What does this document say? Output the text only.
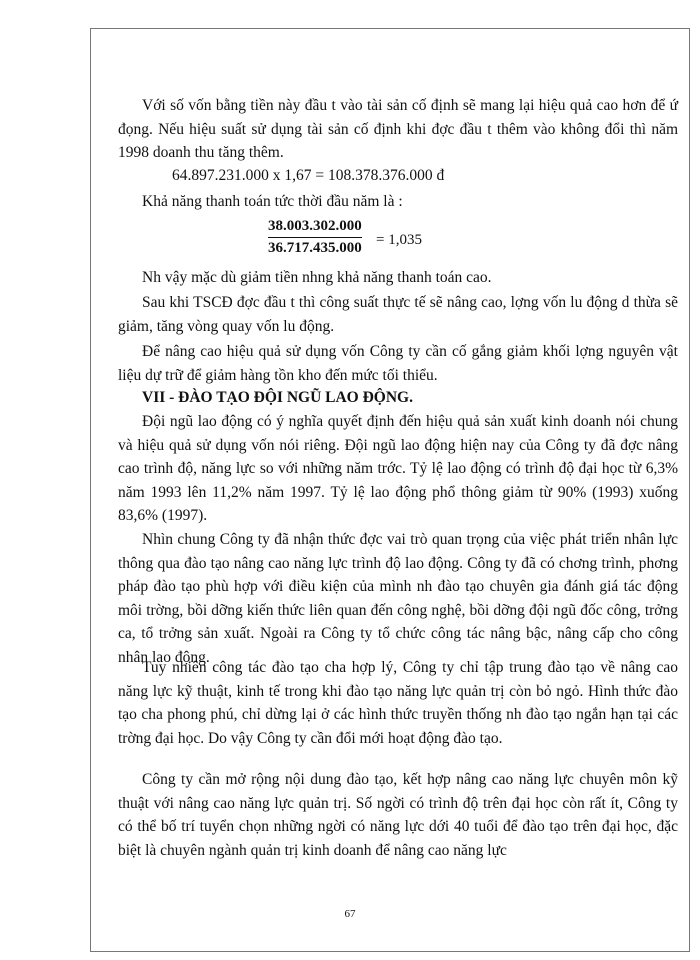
Với số vốn bằng tiền này đầu t vào tài sản cố định sẽ mang lại hiệu quả cao hơn để ứ đọng. Nếu hiệu suất sử dụng tài sản cố định khi đợc đầu t thêm vào không đổi thì năm 1998 doanh thu tăng thêm.

64.897.231.000 x 1,67 = 108.378.376.000 đ
Khả năng thanh toán tức thời đầu năm là :
$\frac{38.003.302.000}{36.717.435.000} = 1,035$
Nh vậy mặc dù giảm tiền nhng khả năng thanh toán cao.

Sau khi TSCĐ đợc đầu t thì công suất thực tế sẽ nâng cao, lợng vốn lu động d thừa sẽ giảm, tăng vòng quay vốn lu động.

Để nâng cao hiệu quả sử dụng vốn Công ty cần cố gắng giảm khối lợng nguyên vật liệu dự trữ để giảm hàng tồn kho đến mức tối thiểu.

VII - ĐÀO TẠO ĐỘI NGŨ LAO ĐỘNG.

Đội ngũ lao động có ý nghĩa quyết định đến hiệu quả sản xuất kinh doanh nói chung và hiệu quả sử dụng vốn nói riêng. Đội ngũ lao động hiện nay của Công ty đã đợc nâng cao trình độ, năng lực so với những năm trớc. Tỷ lệ lao động có trình độ đại học từ 6,3% năm 1993 lên 11,2% năm 1997. Tỷ lệ lao động phổ thông giảm từ 90% (1993) xuống 83,6% (1997).

Nhìn chung Công ty đã nhận thức đợc vai trò quan trọng của việc phát triển nhân lực thông qua đào tạo nâng cao năng lực trình độ lao động. Công ty đã có chơng trình, phơng pháp đào tạo phù hợp với điều kiện của mình nh đào tạo chuyên gia đánh giá tác động môi trờng, bồi dỡng kiến thức liên quan đến công nghệ, bồi dỡng đội ngũ đốc công, trởng ca, tổ trởng sản xuất. Ngoài ra Công ty tổ chức công tác nâng bậc, nâng cấp cho công nhân lao động.

Tuy nhiên công tác đào tạo cha hợp lý, Công ty chỉ tập trung đào tạo về nâng cao năng lực kỹ thuật, kinh tế trong khi đào tạo năng lực quản trị còn bỏ ngỏ. Hình thức đào tạo cha phong phú, chỉ dừng lại ở các hình thức truyền thống nh đào tạo ngắn hạn tại các trờng đại học. Do vậy Công ty cần đổi mới hoạt động đào tạo.

Công ty cần mở rộng nội dung đào tạo, kết hợp nâng cao năng lực chuyên môn kỹ thuật với nâng cao năng lực quản trị. Số ngời có trình độ trên đại học còn rất ít, Công ty có thể bố trí tuyển chọn những ngời có năng lực dới 40 tuổi để đào tạo trên đại học, đặc biệt là chuyên ngành quản trị kinh doanh để nâng cao năng lực

67
